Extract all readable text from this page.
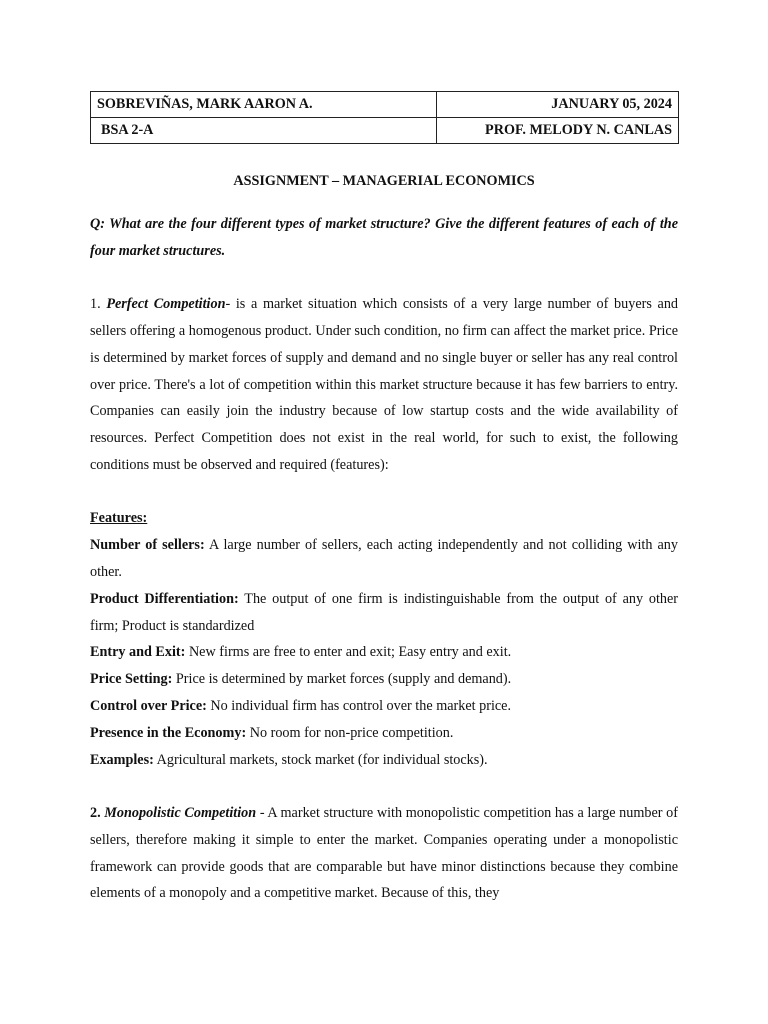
SOBREVIÑAS, MARK AARON A.	JANUARY 05, 2024
BSA 2-A	PROF. MELODY N. CANLAS
ASSIGNMENT – MANAGERIAL ECONOMICS

Q: What are the four different types of market structure? Give the different features of each of the four market structures.

1. Perfect Competition- is a market situation which consists of a very large number of buyers and sellers offering a homogenous product. Under such condition, no firm can affect the market price. Price is determined by market forces of supply and demand and no single buyer or seller has any real control over price. There's a lot of competition within this market structure because it has few barriers to entry. Companies can easily join the industry because of low startup costs and the wide availability of resources. Perfect Competition does not exist in the real world, for such to exist, the following conditions must be observed and required (features):

Features:

Number of sellers: A large number of sellers, each acting independently and not colliding with any other.

Product Differentiation: The output of one firm is indistinguishable from the output of any other firm; Product is standardized

Entry and Exit: New firms are free to enter and exit; Easy entry and exit.

Price Setting: Price is determined by market forces (supply and demand).

Control over Price: No individual firm has control over the market price.

Presence in the Economy: No room for non-price competition.

Examples: Agricultural markets, stock market (for individual stocks).

2. Monopolistic Competition - A market structure with monopolistic competition has a large number of sellers, therefore making it simple to enter the market. Companies operating under a monopolistic framework can provide goods that are comparable but have minor distinctions because they combine elements of a monopoly and a competitive market. Because of this, they
